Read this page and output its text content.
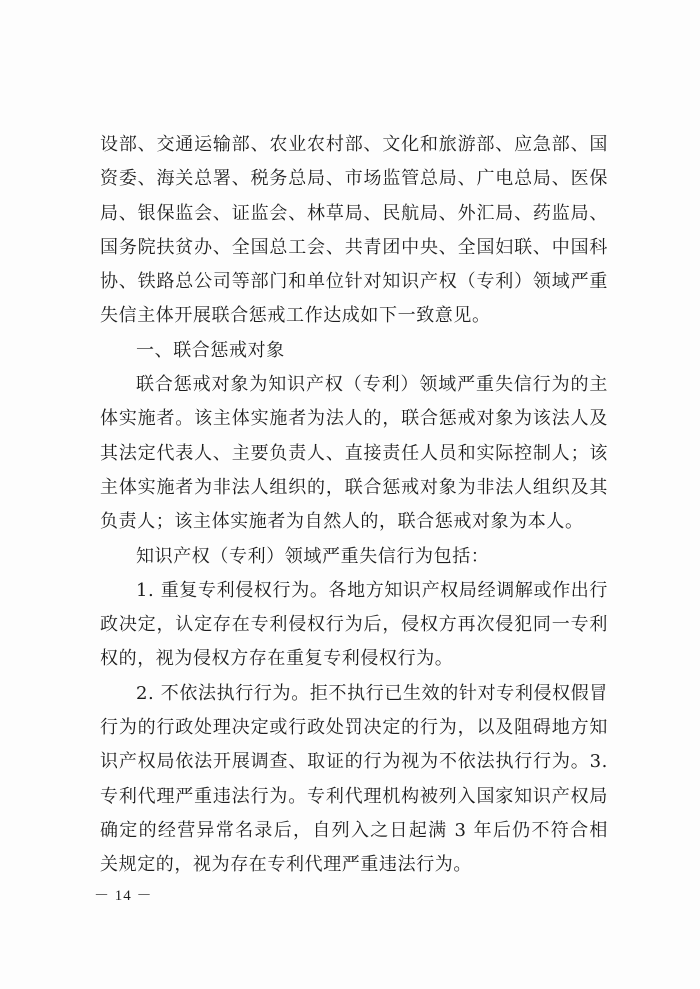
设部、交通运输部、农业农村部、文化和旅游部、应急部、国资委、海关总署、税务总局、市场监管总局、广电总局、医保局、银保监会、证监会、林草局、民航局、外汇局、药监局、国务院扶贫办、全国总工会、共青团中央、全国妇联、中国科协、铁路总公司等部门和单位针对知识产权（专利）领域严重失信主体开展联合惩戒工作达成如下一致意见。

一、联合惩戒对象

联合惩戒对象为知识产权（专利）领域严重失信行为的主体实施者。该主体实施者为法人的，联合惩戒对象为该法人及其法定代表人、主要负责人、直接责任人员和实际控制人；该主体实施者为非法人组织的，联合惩戒对象为非法人组织及其负责人；该主体实施者为自然人的，联合惩戒对象为本人。

知识产权（专利）领域严重失信行为包括：

1. 重复专利侵权行为。各地方知识产权局经调解或作出行政决定，认定存在专利侵权行为后，侵权方再次侵犯同一专利权的，视为侵权方存在重复专利侵权行为。

2. 不依法执行行为。拒不执行已生效的针对专利侵权假冒行为的行政处理决定或行政处罚决定的行为，以及阻碍地方知识产权局依法开展调查、取证的行为视为不依法执行行为。3. 专利代理严重违法行为。专利代理机构被列入国家知识产权局确定的经营异常名录后，自列入之日起满 3 年后仍不符合相关规定的，视为存在专利代理严重违法行为。

－ 14 －
